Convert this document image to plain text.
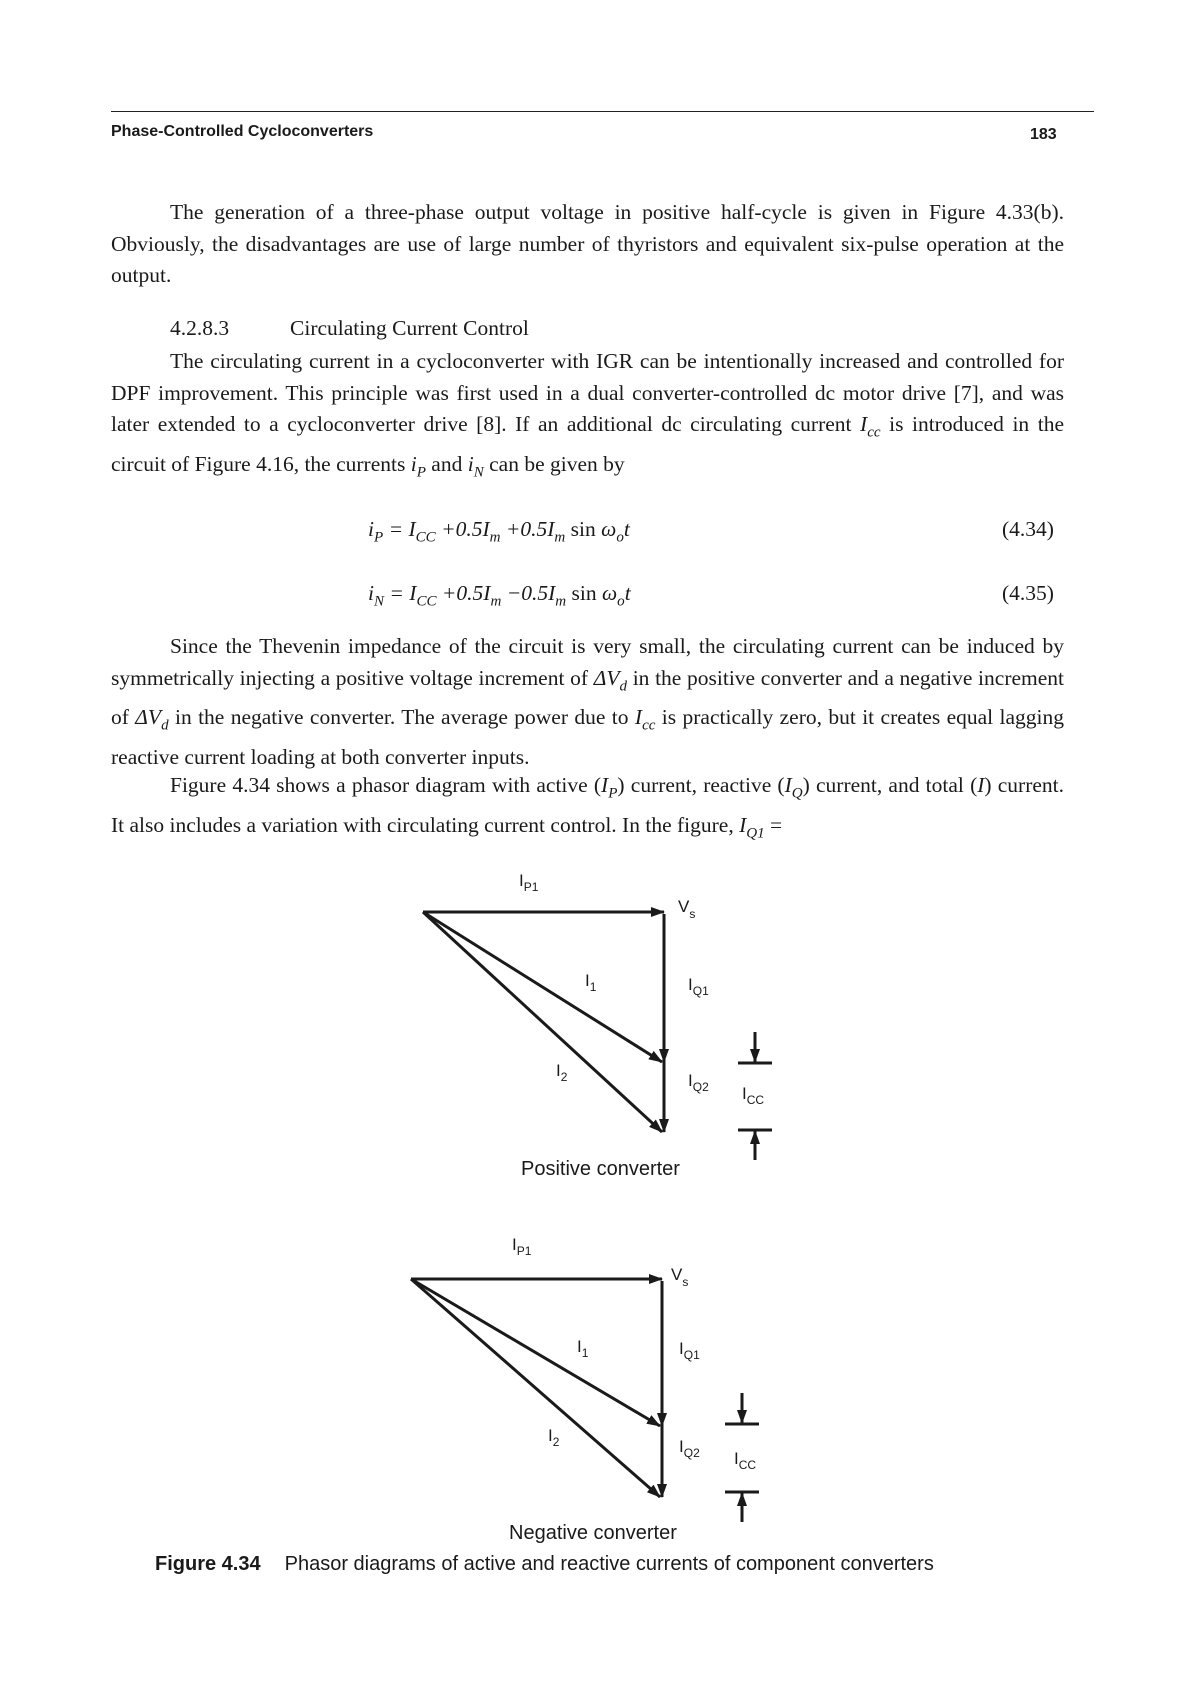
Phase-Controlled Cycloconverters	183

The generation of a three-phase output voltage in positive half-cycle is given in Figure 4.33(b). Obviously, the disadvantages are use of large number of thyristors and equivalent six-pulse operation at the output.

4.2.8.3	Circulating Current Control

The circulating current in a cycloconverter with IGR can be intentionally increased and controlled for DPF improvement. This principle was first used in a dual converter-controlled dc motor drive [7], and was later extended to a cycloconverter drive [8]. If an additional dc circulating current $I_{cc}$ is introduced in the circuit of Figure 4.16, the currents $i_P$ and $i_N$ can be given by

$i_P = I_{CC} +0.5I_m +0.5I_m$ $\sin \omega_ot$	(4.34)
$i_N = I_{CC} +0.5I_m -0.5I_m$ $\sin \omega_ot$	(4.35)

Since the Thevenin impedance of the circuit is very small, the circulating current can be induced by symmetrically injecting a positive voltage increment of $\Delta V_d$ in the positive converter and a negative increment of $\Delta V_d$ in the negative converter. The average power due to $I_{cc}$ is practically zero, but it creates equal lagging reactive current loading at both converter inputs.

Figure 4.34 shows a phasor diagram with active $(I_P)$ current, reactive $(I_Q)$ current, and total (I) current. It also includes a variation with circulating current control. In the figure, $I_{Q1}$ =

$I_{P1}$
$V_s$
$I_1$	$I_{Q1}$
$I_2$	$I_{Q2}$ $I_{CC}$
Positive converter
$I_{P1}$
$V_s$
$I_1$	$I_{Q1}$
$I_2$	$I_{Q2}$ $I_{CC}$
Negative converter
Figure 4.34 Phasor diagrams of active and reactive currents of component converters
